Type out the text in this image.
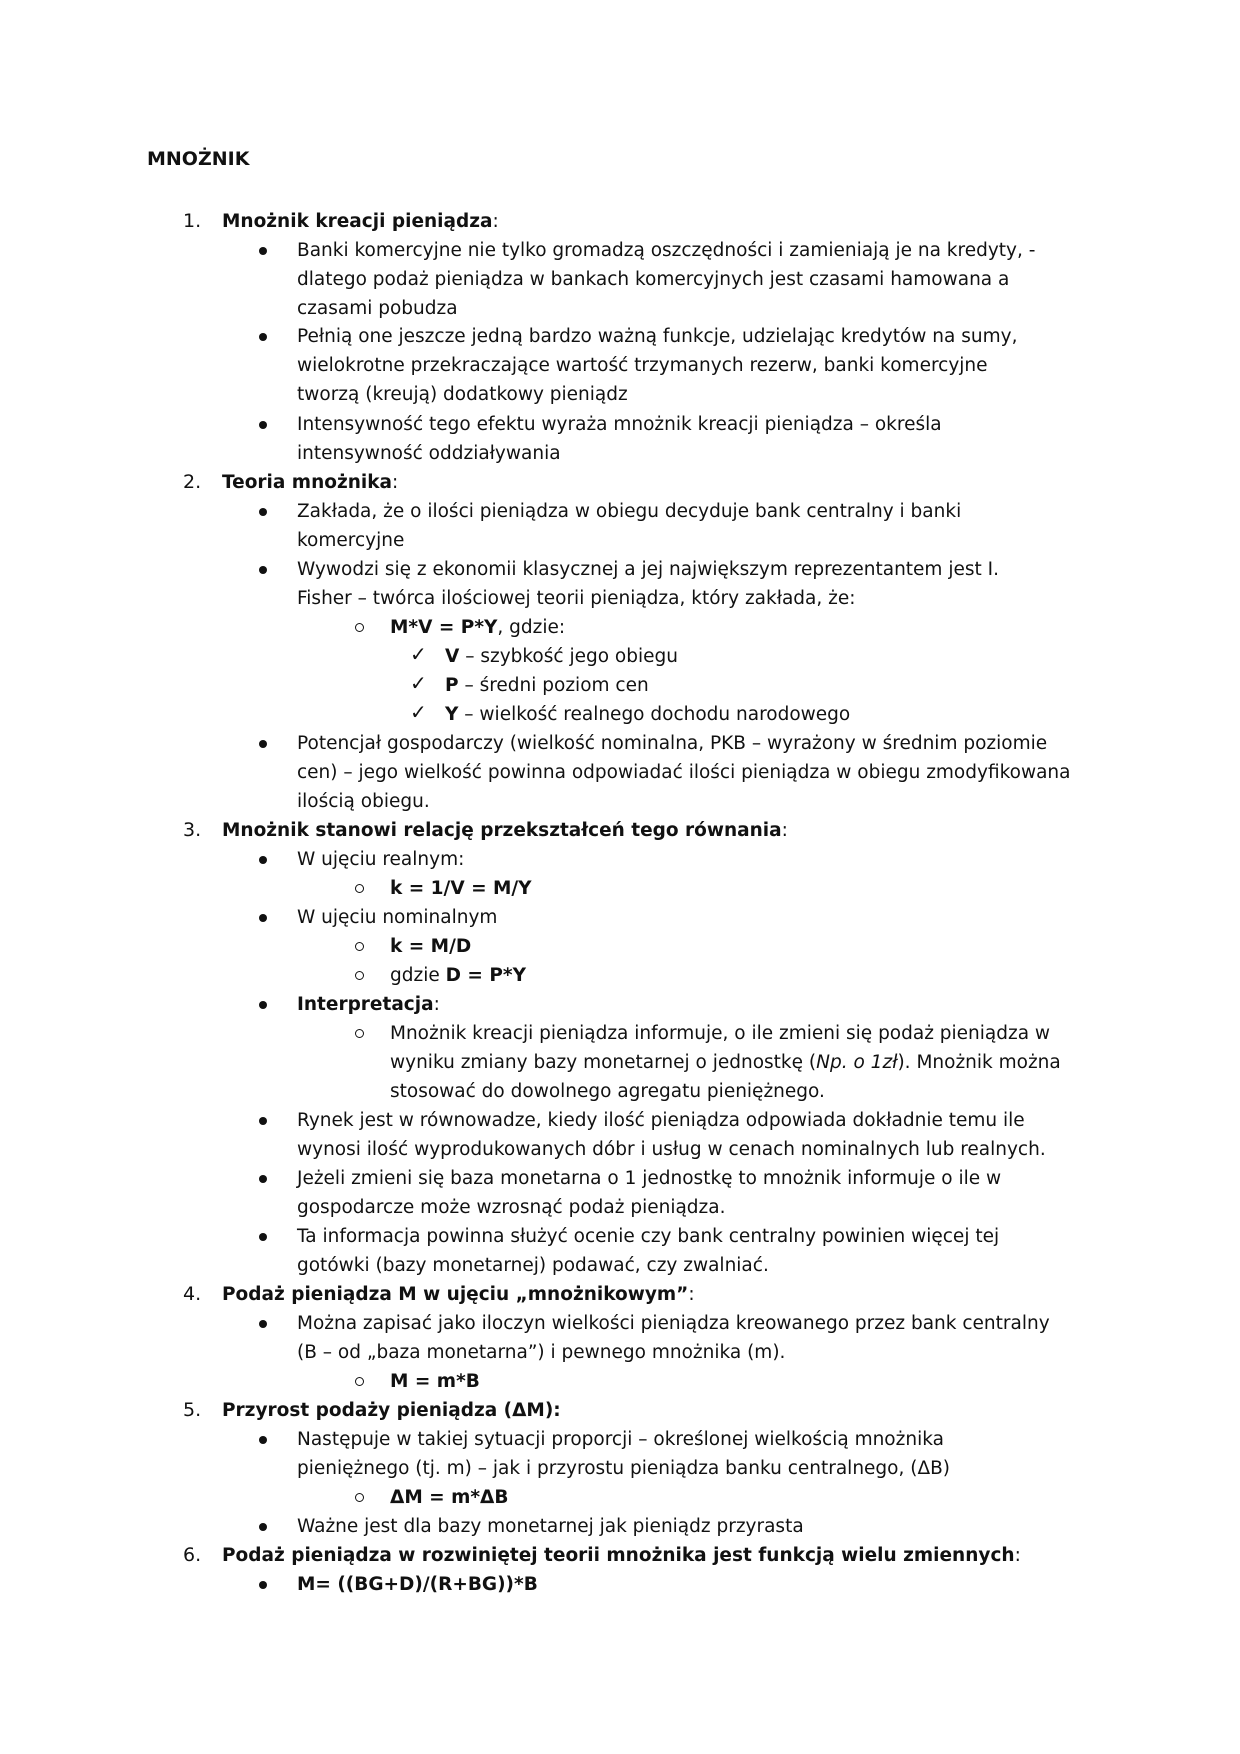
MNOŻNIK
1. Mnożnik kreacji pieniądza:
Banki komercyjne nie tylko gromadzą oszczędności i zamieniają je na kredyty, -
dlatego podaż pieniądza w bankach komercyjnych jest czasami hamowana a
czasami pobudza
Pełnią one jeszcze jedną bardzo ważną funkcje, udzielając kredytów na sumy,
wielokrotne przekraczające wartość trzymanych rezerw, banki komercyjne
tworzą (kreują) dodatkowy pieniądz
Intensywność tego efektu wyraża mnożnik kreacji pieniądza – określa
intensywność oddziaływania
2. Teoria mnożnika:
Zakłada, że o ilości pieniądza w obiegu decyduje bank centralny i banki
komercyjne
Wywodzi się z ekonomii klasycznej a jej największym reprezentantem jest I.
Fisher – twórca ilościowej teorii pieniądza, który zakłada, że:
M*V = P*Y, gdzie:
✓ V – szybkość jego obiegu
✓ P – średni poziom cen
✓ Y – wielkość realnego dochodu narodowego
Potencjał gospodarczy (wielkość nominalna, PKB – wyrażony w średnim poziomie
cen) – jego wielkość powinna odpowiadać ilości pieniądza w obiegu zmodyfikowana
ilością obiegu.
3. Mnożnik stanowi relację przekształceń tego równania:
W ujęciu realnym:
k = 1/V = M/Y
W ujęciu nominalnym
k = M/D
gdzie D = P*Y
Interpretacja:
Mnożnik kreacji pieniądza informuje, o ile zmieni się podaż pieniądza w
wyniku zmiany bazy monetarnej o jednostkę (Np. o 1zł). Mnożnik można
stosować do dowolnego agregatu pieniężnego.
Rynek jest w równowadze, kiedy ilość pieniądza odpowiada dokładnie temu ile
wynosi ilość wyprodukowanych dóbr i usług w cenach nominalnych lub realnych.
Jeżeli zmieni się baza monetarna o 1 jednostkę to mnożnik informuje o ile w
gospodarcze może wzrosnąć podaż pieniądza.
Ta informacja powinna służyć ocenie czy bank centralny powinien więcej tej
gotówki (bazy monetarnej) podawać, czy zwalniać.
4. Podaż pieniądza M w ujęciu „mnożnikowym”:
Można zapisać jako iloczyn wielkości pieniądza kreowanego przez bank centralny
(B – od „baza monetarna”) i pewnego mnożnika (m).
M = m*B
5. Przyrost podaży pieniądza (ΔM):
Następuje w takiej sytuacji proporcji – określonej wielkością mnożnika
pieniężnego (tj. m) – jak i przyrostu pieniądza banku centralnego, (ΔB)
ΔM = m*ΔB
Ważne jest dla bazy monetarnej jak pieniądz przyrasta
6. Podaż pieniądza w rozwiniętej teorii mnożnika jest funkcją wielu zmiennych:
M= ((BG+D)/(R+BG))*B
